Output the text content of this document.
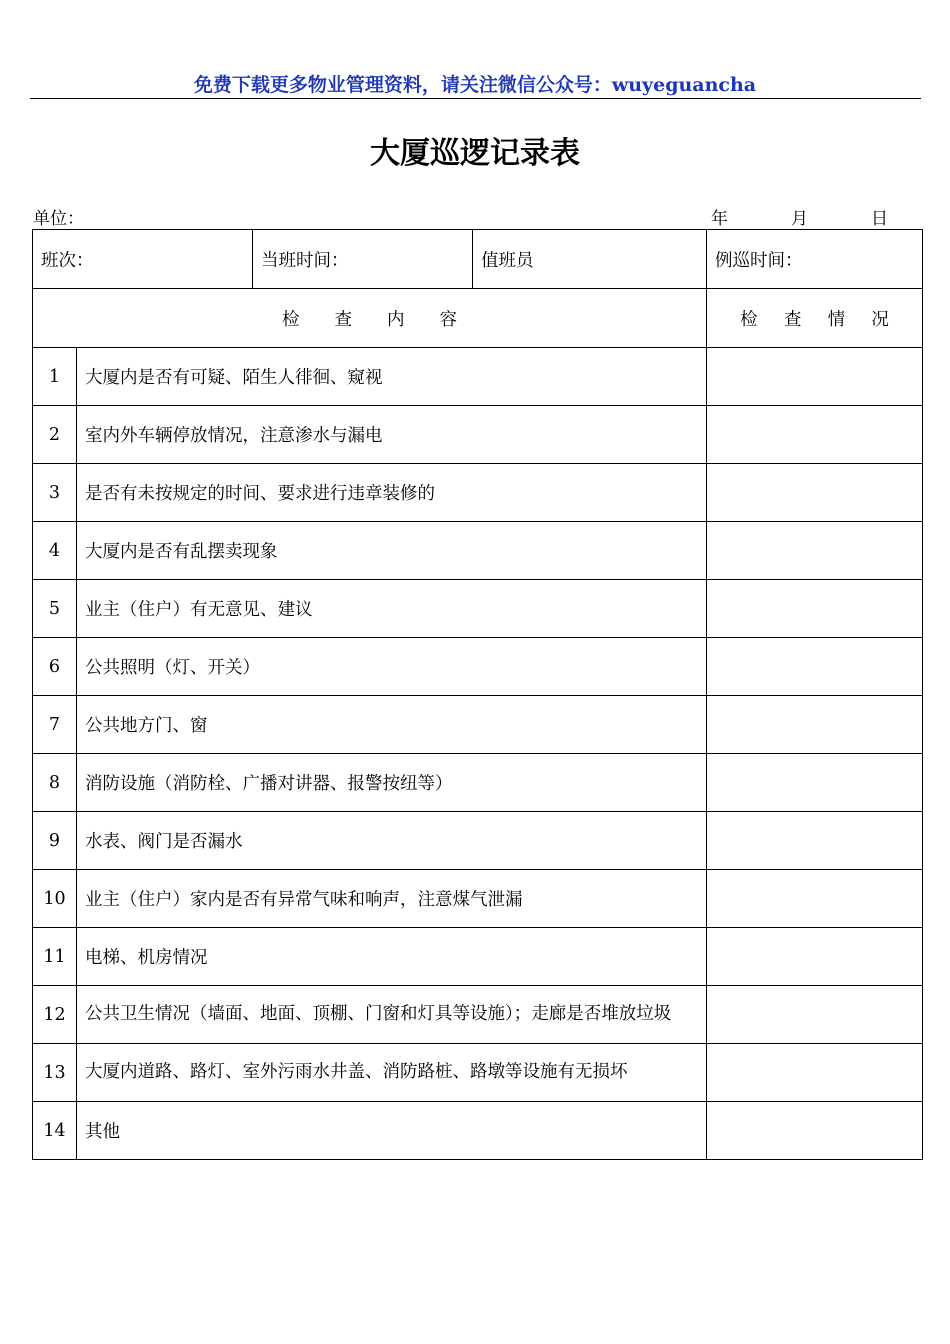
免费下载更多物业管理资料，请关注微信公众号：wuyeguancha
大厦巡逻记录表
单位：	年	月	日
班次：		当班时间：	值班员	例巡时间：
检   查   内   容				检   查   情   况
1	大厦内是否有可疑、陌生人徘徊、窥视			
2	室内外车辆停放情况，注意渗水与漏电			
3	是否有未按规定的时间、要求进行违章装修的			
4	大厦内是否有乱摆卖现象			
5	业主（住户）有无意见、建议			
6	公共照明（灯、开关）			
7	公共地方门、窗			
8	消防设施（消防栓、广播对讲器、报警按纽等）			
9	水表、阀门是否漏水			
10	业主（住户）家内是否有异常气味和响声，注意煤气泄漏			
11	电梯、机房情况			
12	公共卫生情况（墙面、地面、顶棚、门窗和灯具等设施）；走廊是否堆放垃圾			
13	大厦内道路、路灯、室外污雨水井盖、消防路桩、路墩等设施有无损坏			
14	其他			
